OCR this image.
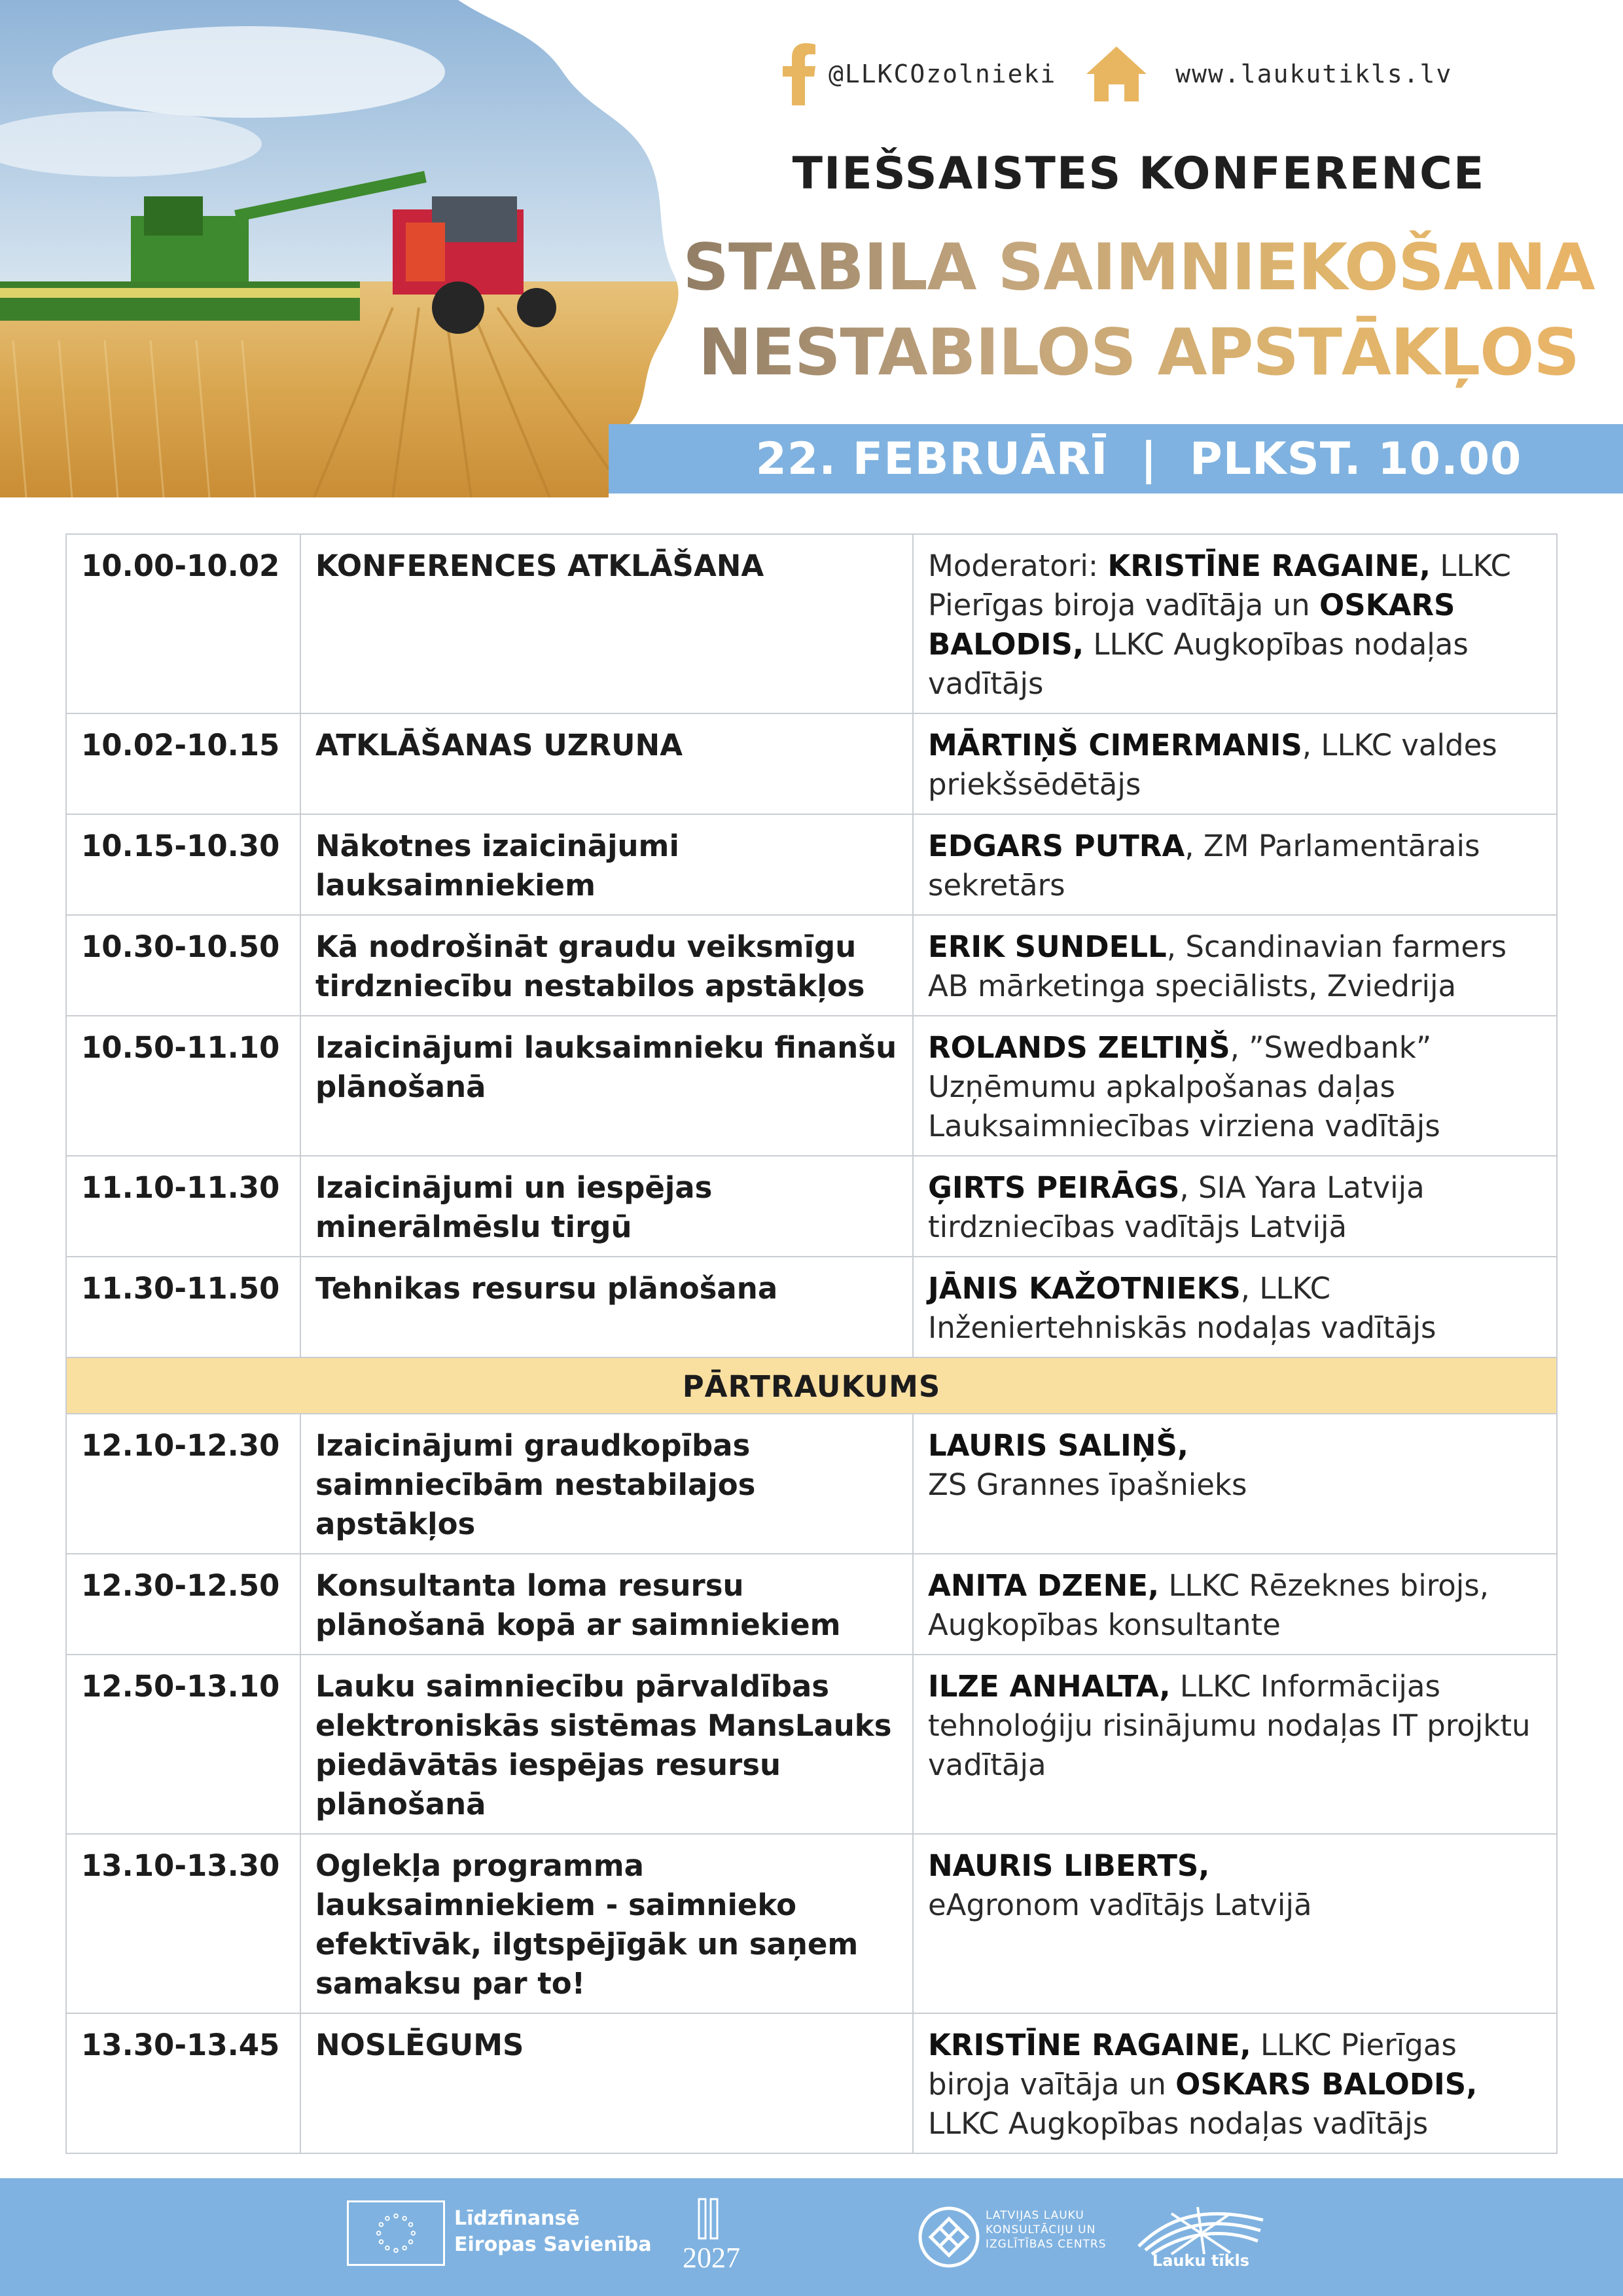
@LLKCOzolnieki	www.laukutikls.lv
TIEŠSAISTES KONFERENCE
STABILA SAIMNIEKOŠANA
NESTABILOS APSTĀKĻOS
22. FEBRUĀRĪ  |  PLKST. 10.00
10.00-10.02	KONFERENCES ATKLĀŠANA	Moderatori: KRISTĪNE RAGAINE, LLKC Pierīgas biroja vadītāja un OSKARS BALODIS, LLKC Augkopības nodaļas vadītājs
10.02-10.15	ATKLĀŠANAS UZRUNA	MĀRTIŅŠ CIMERMANIS, LLKC valdes priekšsēdētājs
10.15-10.30	Nākotnes izaicinājumi lauksaimniekiem	EDGARS PUTRA, ZM Parlamentārais sekretārs
10.30-10.50	Kā nodrošināt graudu veiksmīgu tirdzniecību nestabilos apstākļos	ERIK SUNDELL, Scandinavian farmers AB mārketinga speciālists, Zviedrija
10.50-11.10	Izaicinājumi lauksaimnieku finanšu plānošanā	ROLANDS ZELTIŅŠ, ”Swedbank” Uzņēmumu apkalpošanas daļas Lauksaimniecības virziena vadītājs
11.10-11.30	Izaicinājumi un iespējas minerālmēslu tirgū	ĢIRTS PEIRĀGS, SIA Yara Latvija tirdzniecības vadītājs Latvijā
11.30-11.50	Tehnikas resursu plānošana	JĀNIS KAŽOTNIEKS, LLKC Inženiertehniskās nodaļas vadītājs
PĀRTRAUKUMS		
12.10-12.30	Izaicinājumi graudkopības saimniecībām nestabilajos apstākļos	LAURIS SALIŅŠ,
ZS Grannes īpašnieks
12.30-12.50	Konsultanta loma resursu plānošanā kopā ar saimniekiem	ANITA DZENE, LLKC Rēzeknes birojs, Augkopības konsultante
12.50-13.10	Lauku saimniecību pārvaldības elektroniskās sistēmas MansLauks piedāvātās iespējas resursu plānošanā	ILZE ANHALTA, LLKC Informācijas tehnoloģiju risinājumu nodaļas IT projktu vadītāja
13.10-13.30	Oglekļa programma lauksaimniekiem - saimnieko efektīvāk, ilgtspējīgāk un saņem samaksu par to!	NAURIS LIBERTS,
eAgronom vadītājs Latvijā
13.30-13.45	NOSLĒGUMS	KRISTĪNE RAGAINE, LLKC Pierīgas biroja vaītāja un OSKARS BALODIS, LLKC Augkopības nodaļas vadītājs
Līdzfinansē
Eiropas Savienība	2027
LATVIJAS LAUKU
KONSULTĀCIJU UN
IZGLĪTĪBAS CENTRS
Lauku tīkls
